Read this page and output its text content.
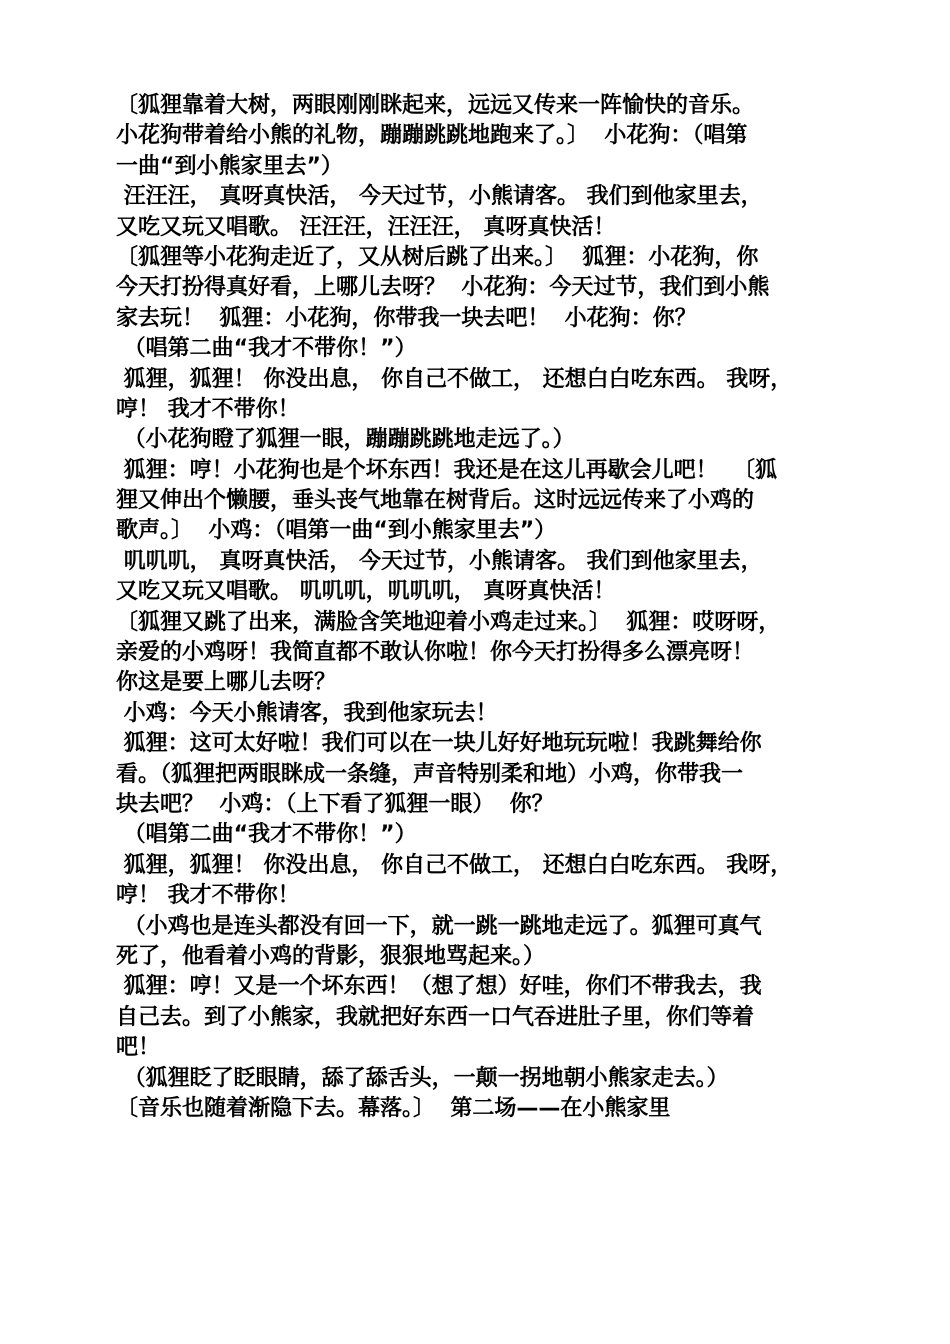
〔狐狸靠着大树，两眼刚刚眯起来，远远又传来一阵愉快的音乐。
小花狗带着给小熊的礼物，蹦蹦跳跳地跑来了。〕  小花狗：（唱第
一曲“到小熊家里去”）
汪汪汪， 真呀真快活， 今天过节，小熊请客。 我们到他家里去，
又吃又玩又唱歌。 汪汪汪，汪汪汪， 真呀真快活！
〔狐狸等小花狗走近了，又从树后跳了出来。〕  狐狸：小花狗，你
今天打扮得真好看，上哪儿去呀？  小花狗：今天过节，我们到小熊
家去玩！  狐狸：小花狗，你带我一块去吧！  小花狗：你？
（唱第二曲“我才不带你！”）
狐狸，狐狸！ 你没出息， 你自己不做工， 还想白白吃东西。 我呀，
哼！ 我才不带你！
（小花狗瞪了狐狸一眼，蹦蹦跳跳地走远了。）
狐狸：哼！小花狗也是个坏东西！我还是在这儿再歇会儿吧！  〔狐
狸又伸出个懒腰，垂头丧气地靠在树背后。这时远远传来了小鸡的
歌声。〕  小鸡：（唱第一曲“到小熊家里去”）
叽叽叽， 真呀真快活， 今天过节，小熊请客。 我们到他家里去，
又吃又玩又唱歌。 叽叽叽，叽叽叽， 真呀真快活！
〔狐狸又跳了出来，满脸含笑地迎着小鸡走过来。〕  狐狸：哎呀呀，
亲爱的小鸡呀！我简直都不敢认你啦！你今天打扮得多么漂亮呀！
你这是要上哪儿去呀？
小鸡：今天小熊请客，我到他家玩去！
狐狸：这可太好啦！我们可以在一块儿好好地玩玩啦！我跳舞给你
看。（狐狸把两眼眯成一条缝，声音特别柔和地）小鸡，你带我一
块去吧？  小鸡：（上下看了狐狸一眼）  你？
（唱第二曲“我才不带你！”）
狐狸，狐狸！ 你没出息， 你自己不做工， 还想白白吃东西。 我呀，
哼！ 我才不带你！
（小鸡也是连头都没有回一下，就一跳一跳地走远了。狐狸可真气
死了，他看着小鸡的背影，狠狠地骂起来。）
狐狸：哼！又是一个坏东西！（想了想）好哇，你们不带我去，我
自己去。到了小熊家，我就把好东西一口气吞进肚子里，你们等着
吧！
（狐狸眨了眨眼睛，舔了舔舌头，一颠一拐地朝小熊家走去。）
〔音乐也随着渐隐下去。幕落。〕  第二场——在小熊家里
